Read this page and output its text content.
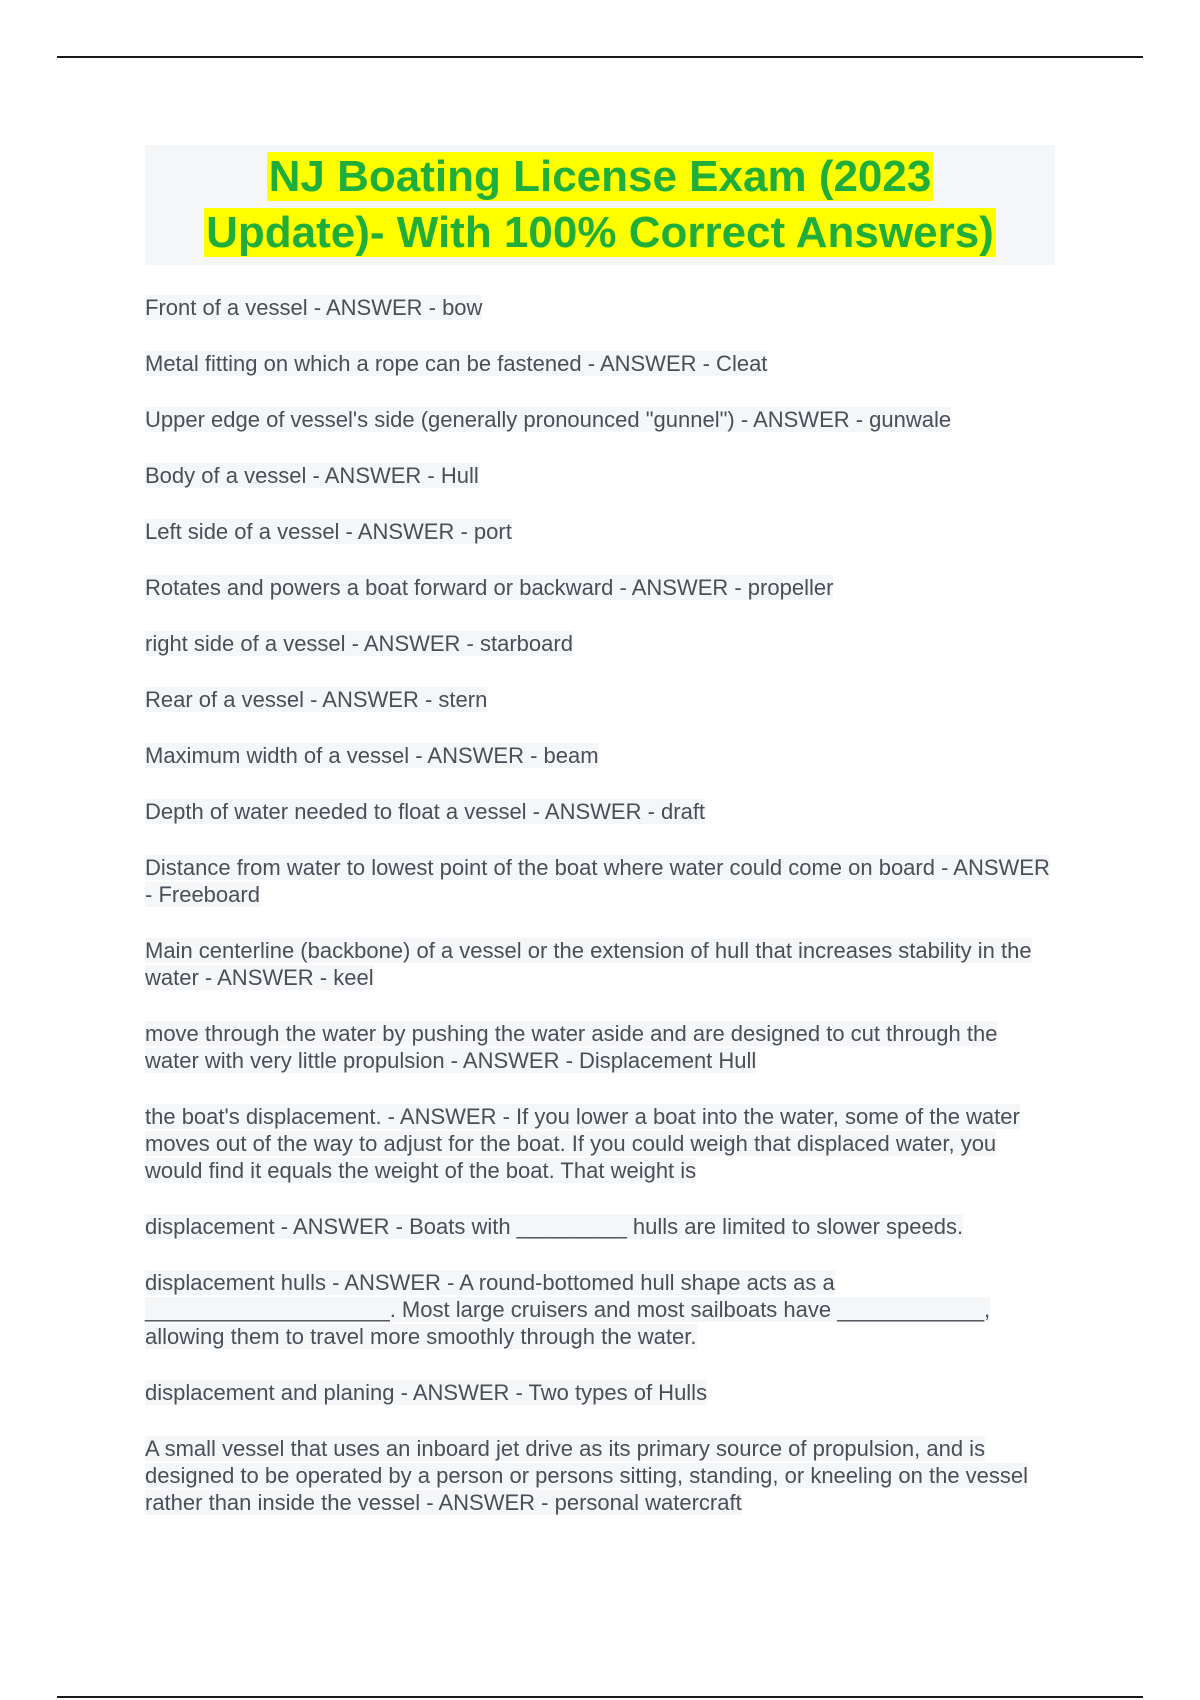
NJ Boating License Exam (2023
Update)- With 100% Correct Answers)

Front of a vessel - ANSWER - bow

Metal fitting on which a rope can be fastened - ANSWER - Cleat

Upper edge of vessel's side (generally pronounced "gunnel") - ANSWER - gunwale

Body of a vessel - ANSWER - Hull

Left side of a vessel - ANSWER - port

Rotates and powers a boat forward or backward - ANSWER - propeller

right side of a vessel - ANSWER - starboard

Rear of a vessel - ANSWER - stern

Maximum width of a vessel - ANSWER - beam

Depth of water needed to float a vessel - ANSWER - draft

Distance from water to lowest point of the boat where water could come on board - ANSWER - Freeboard

Main centerline (backbone) of a vessel or the extension of hull that increases stability in the water - ANSWER - keel

move through the water by pushing the water aside and are designed to cut through the water with very little propulsion - ANSWER - Displacement Hull

the boat's displacement. - ANSWER - If you lower a boat into the water, some of the water moves out of the way to adjust for the boat. If you could weigh that displaced water, you would find it equals the weight of the boat. That weight is

displacement - ANSWER - Boats with _________ hulls are limited to slower speeds.

displacement hulls - ANSWER - A round-bottomed hull shape acts as a ____________________. Most large cruisers and most sailboats have ____________, allowing them to travel more smoothly through the water.

displacement and planing - ANSWER - Two types of Hulls

A small vessel that uses an inboard jet drive as its primary source of propulsion, and is designed to be operated by a person or persons sitting, standing, or kneeling on the vessel rather than inside the vessel - ANSWER - personal watercraft
